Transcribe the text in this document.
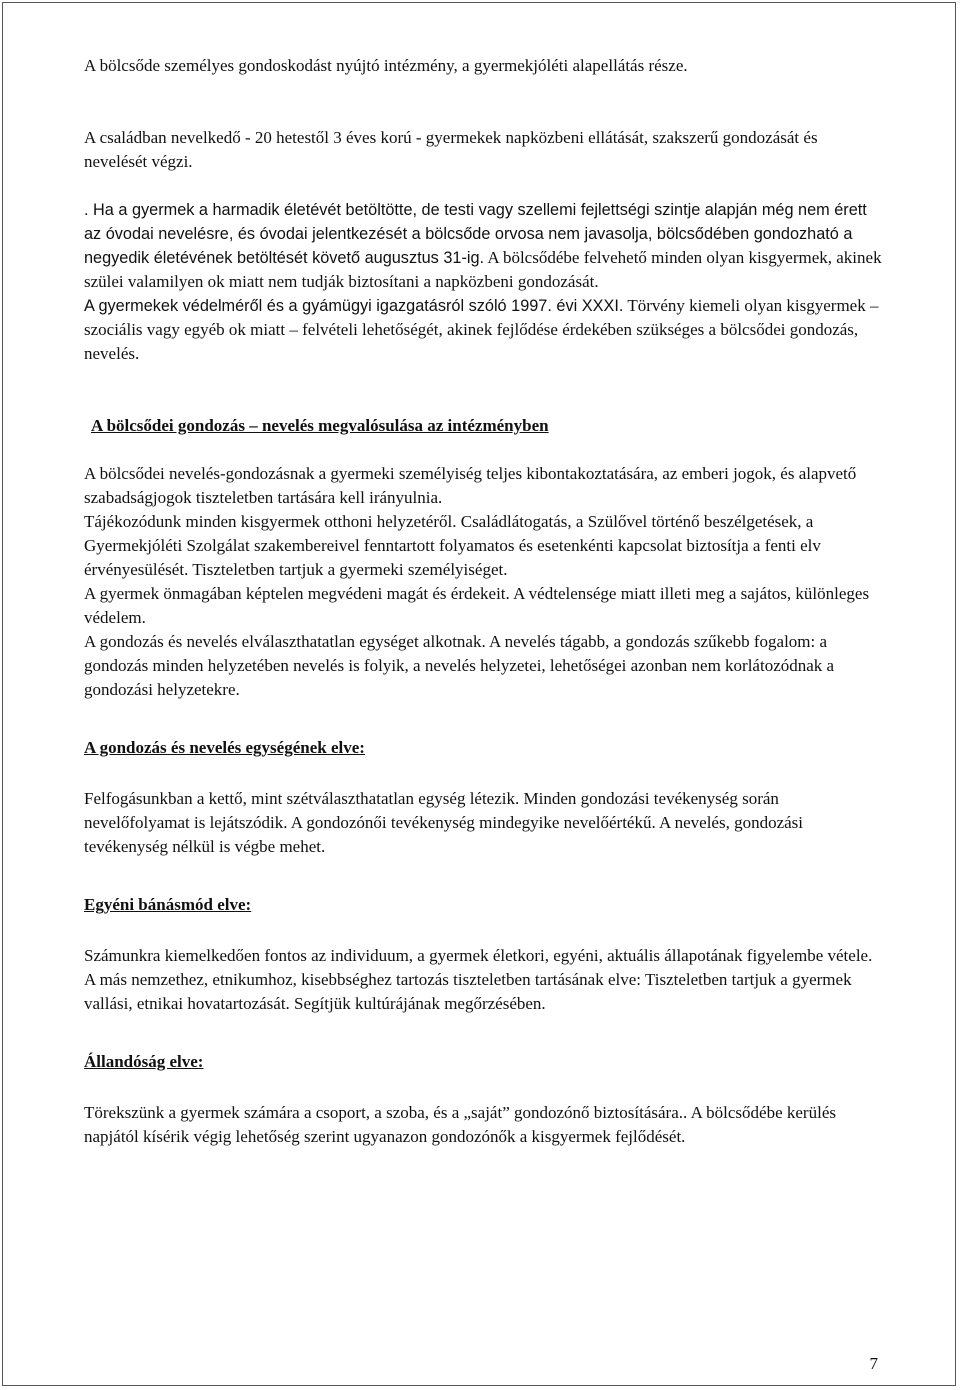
A bölcsőde személyes gondoskodást nyújtó intézmény, a gyermekjóléti alapellátás része.

A családban nevelkedő - 20 hetestől 3 éves korú - gyermekek napközbeni ellátását, szakszerű gondozását és nevelését végzi.

. Ha a gyermek a harmadik életévét betöltötte, de testi vagy szellemi fejlettségi szintje alapján még nem érett az óvodai nevelésre, és óvodai jelentkezését a bölcsőde orvosa nem javasolja, bölcsődében gondozható a negyedik életévének betöltését követő augusztus 31-ig. A bölcsődébe felvehető minden olyan kisgyermek, akinek szülei valamilyen ok miatt nem tudják biztosítani a napközbeni gondozását.

A gyermekek védelméről és a gyámügyi igazgatásról szóló 1997. évi XXXI. Törvény kiemeli olyan kisgyermek –szociális vagy egyéb ok miatt – felvételi lehetőségét, akinek fejlődése érdekében szükséges a bölcsődei gondozás, nevelés.

A bölcsődei gondozás – nevelés megvalósulása az intézményben

A bölcsődei nevelés-gondozásnak a gyermeki személyiség teljes kibontakoztatására, az emberi jogok, és alapvető szabadságjogok tiszteletben tartására kell irányulnia.

Tájékozódunk minden kisgyermek otthoni helyzetéről. Családlátogatás, a Szülővel történő beszélgetések, a Gyermekjóléti Szolgálat szakembereivel fenntartott folyamatos és esetenkénti kapcsolat biztosítja a fenti elv érvényesülését. Tiszteletben tartjuk a gyermeki személyiséget.

A gyermek önmagában képtelen megvédeni magát és érdekeit. A védtelensége miatt illeti meg a sajátos, különleges védelem.

A gondozás és nevelés elválaszthatatlan egységet alkotnak. A nevelés tágabb, a gondozás szűkebb fogalom: a gondozás minden helyzetében nevelés is folyik, a nevelés helyzetei, lehetőségei azonban nem korlátozódnak a gondozási helyzetekre.

A gondozás és nevelés egységének elve:

Felfogásunkban a kettő, mint szétválaszthatatlan egység létezik. Minden gondozási tevékenység során nevelőfolyamat is lejátszódik. A gondozónői tevékenység mindegyike nevelőértékű. A nevelés, gondozási tevékenység nélkül is végbe mehet.

Egyéni bánásmód elve:

Számunkra kiemelkedően fontos az individuum, a gyermek életkori, egyéni, aktuális állapotának figyelembe vétele.

A más nemzethez, etnikumhoz, kisebbséghez tartozás tiszteletben tartásának elve: Tiszteletben tartjuk a gyermek vallási, etnikai hovatartozását. Segítjük kultúrájának megőrzésében.

Állandóság elve:

Törekszünk a gyermek számára a csoport, a szoba, és a „saját” gondozónő biztosítására.. A bölcsődébe kerülés napjától kísérik végig lehetőség szerint ugyanazon gondozónők a kisgyermek fejlődését.

7
